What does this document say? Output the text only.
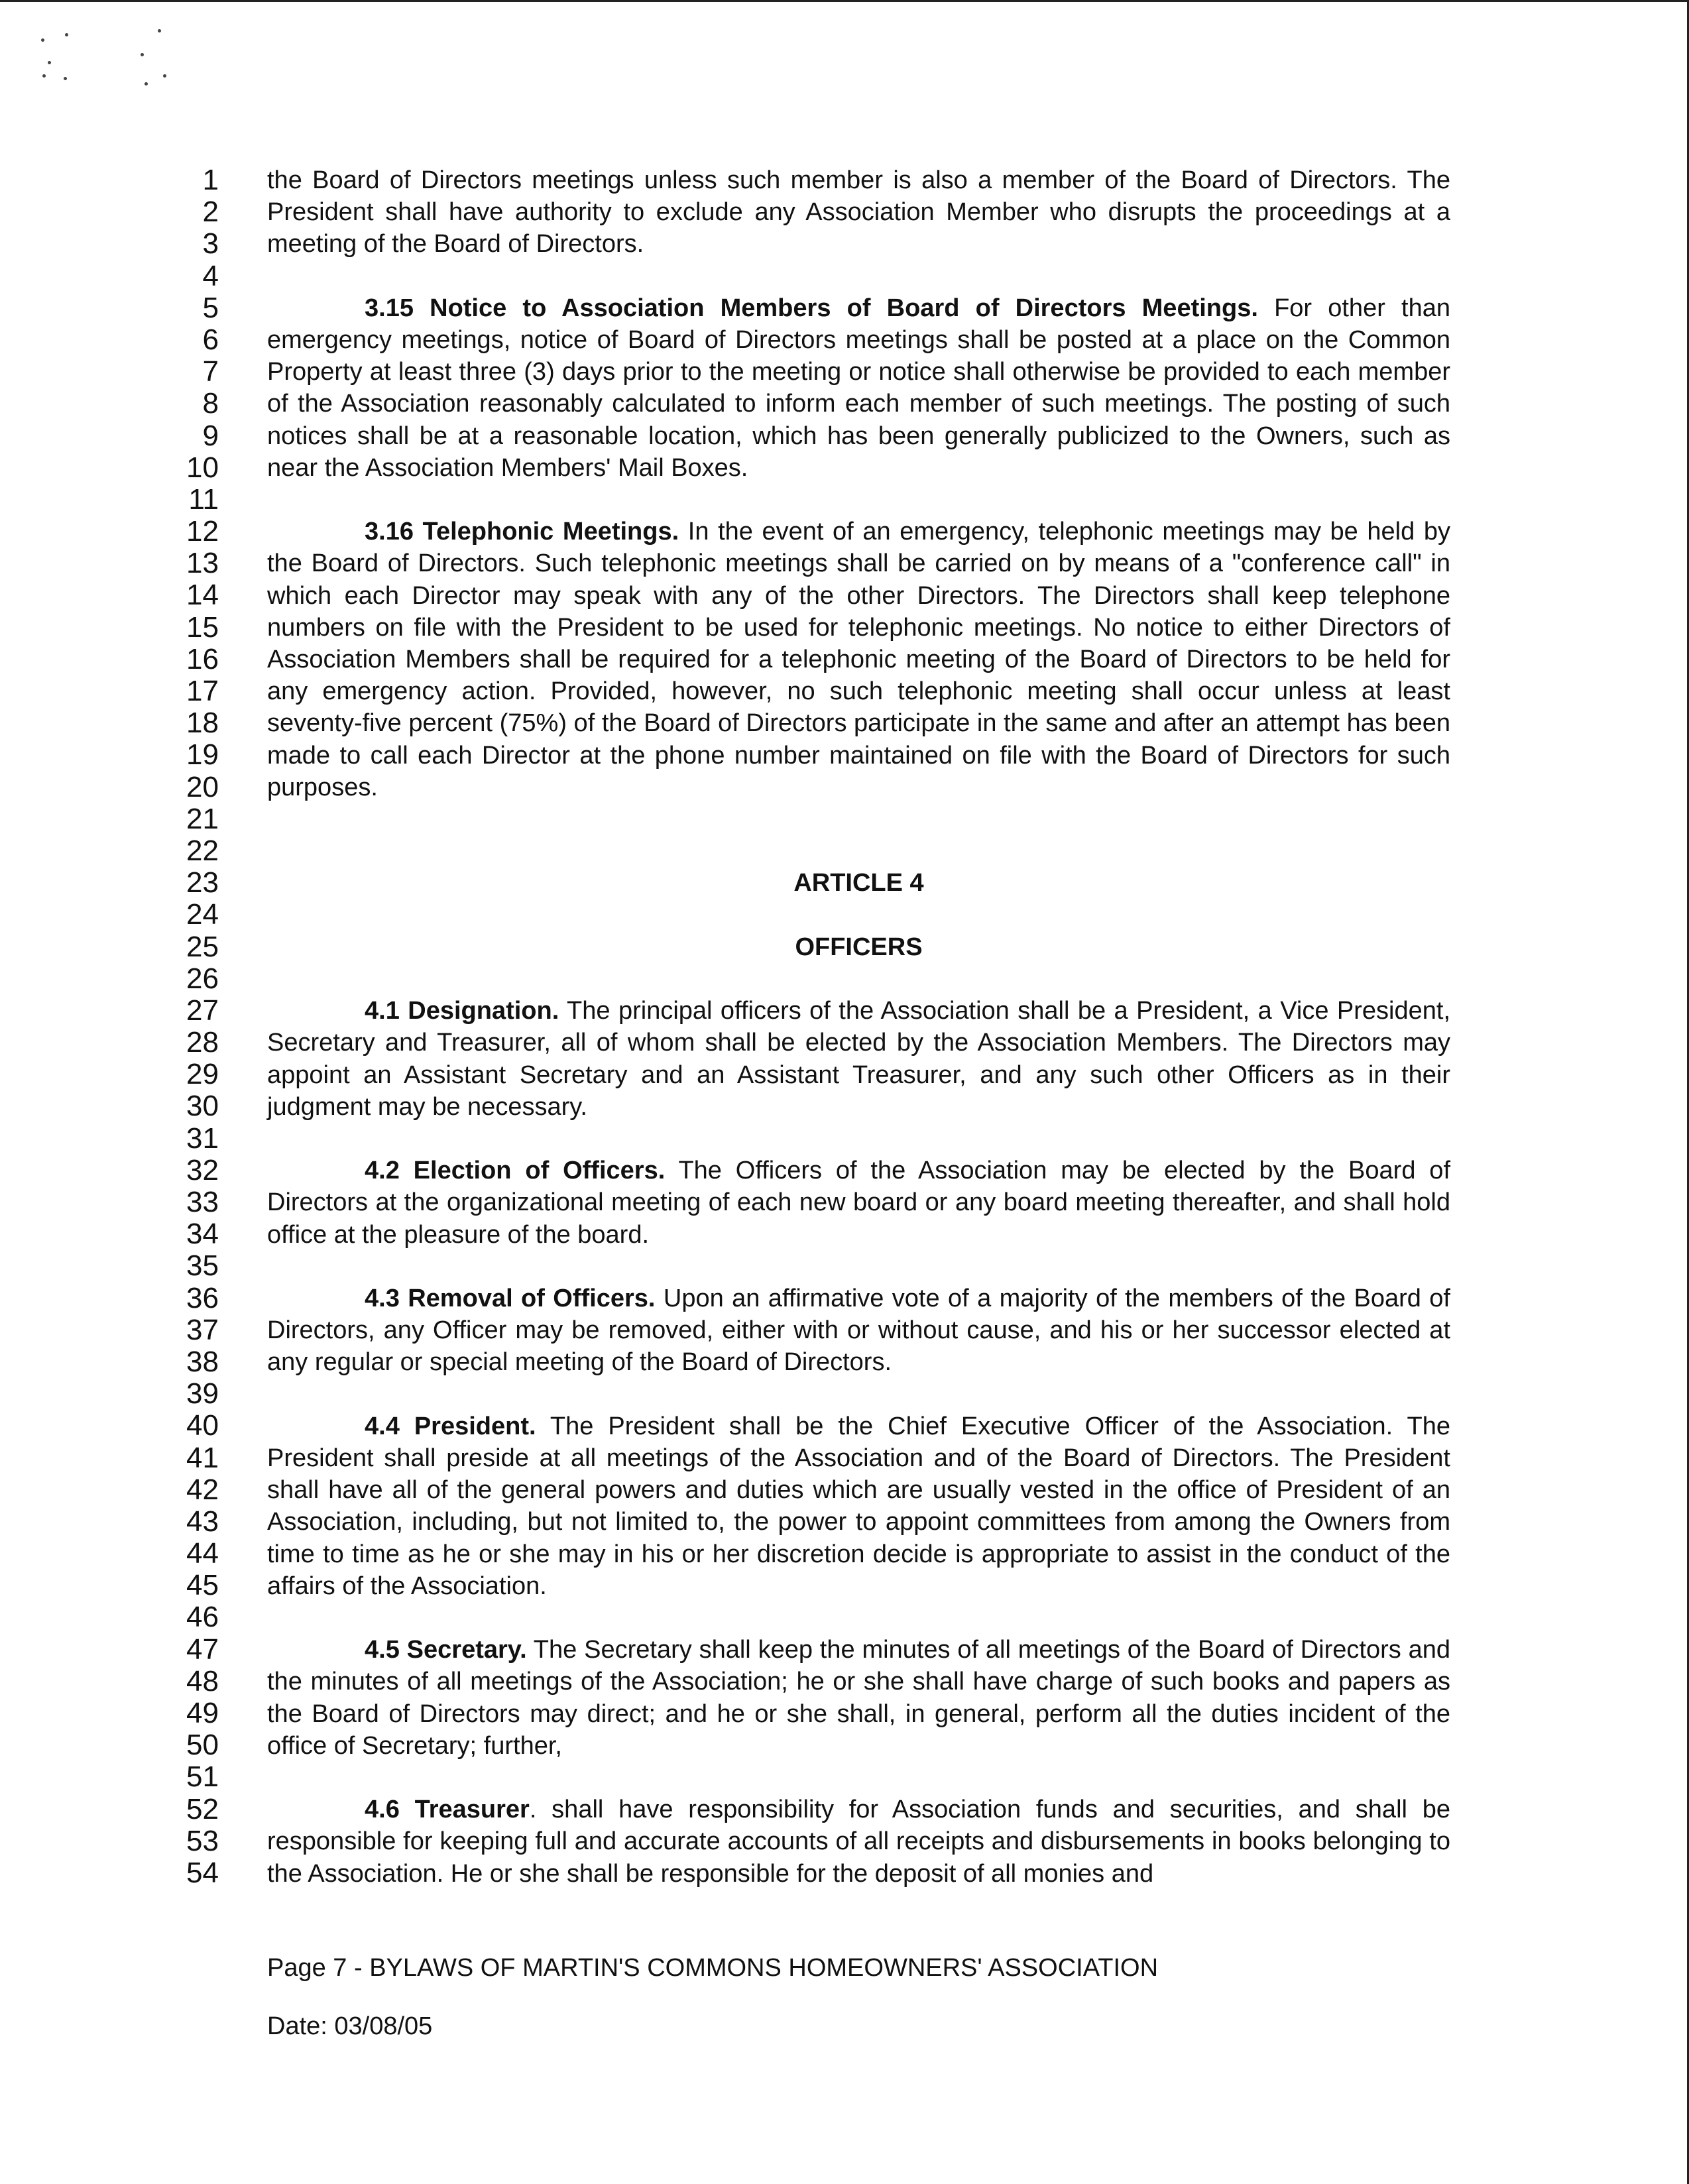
1
2
3
4
5
6
7
8
9
10
11
12
13
14
15
16
17
18
19
20
21
22
23
24
25
26
27
28
29
30
31
32
33
34
35
36
37
38
39
40
41
42
43
44
45
46
47
48
49
50
51
52
53
54

the Board of Directors meetings unless such member is also a member of the Board of Directors. The President shall have authority to exclude any Association Member who disrupts the proceedings at a meeting of the Board of Directors.

3.15 Notice to Association Members of Board of Directors Meetings. For other than emergency meetings, notice of Board of Directors meetings shall be posted at a place on the Common Property at least three (3) days prior to the meeting or notice shall otherwise be provided to each member of the Association reasonably calculated to inform each member of such meetings. The posting of such notices shall be at a reasonable location, which has been generally publicized to the Owners, such as near the Association Members' Mail Boxes.

3.16 Telephonic Meetings. In the event of an emergency, telephonic meetings may be held by the Board of Directors. Such telephonic meetings shall be carried on by means of a "conference call" in which each Director may speak with any of the other Directors. The Directors shall keep telephone numbers on file with the President to be used for telephonic meetings. No notice to either Directors of Association Members shall be required for a telephonic meeting of the Board of Directors to be held for any emergency action. Provided, however, no such telephonic meeting shall occur unless at least seventy-five percent (75%) of the Board of Directors participate in the same and after an attempt has been made to call each Director at the phone number maintained on file with the Board of Directors for such purposes.

ARTICLE 4

OFFICERS

4.1 Designation. The principal officers of the Association shall be a President, a Vice President, Secretary and Treasurer, all of whom shall be elected by the Association Members. The Directors may appoint an Assistant Secretary and an Assistant Treasurer, and any such other Officers as in their judgment may be necessary.

4.2 Election of Officers. The Officers of the Association may be elected by the Board of Directors at the organizational meeting of each new board or any board meeting thereafter, and shall hold office at the pleasure of the board.

4.3 Removal of Officers. Upon an affirmative vote of a majority of the members of the Board of Directors, any Officer may be removed, either with or without cause, and his or her successor elected at any regular or special meeting of the Board of Directors.

4.4 President. The President shall be the Chief Executive Officer of the Association. The President shall preside at all meetings of the Association and of the Board of Directors. The President shall have all of the general powers and duties which are usually vested in the office of President of an Association, including, but not limited to, the power to appoint committees from among the Owners from time to time as he or she may in his or her discretion decide is appropriate to assist in the conduct of the affairs of the Association.

4.5 Secretary. The Secretary shall keep the minutes of all meetings of the Board of Directors and the minutes of all meetings of the Association; he or she shall have charge of such books and papers as the Board of Directors may direct; and he or she shall, in general, perform all the duties incident of the office of Secretary; further,

4.6 Treasurer. shall have responsibility for Association funds and securities, and shall be responsible for keeping full and accurate accounts of all receipts and disbursements in books belonging to the Association. He or she shall be responsible for the deposit of all monies and

Page 7 - BYLAWS OF MARTIN'S COMMONS HOMEOWNERS' ASSOCIATION
Date: 03/08/05
